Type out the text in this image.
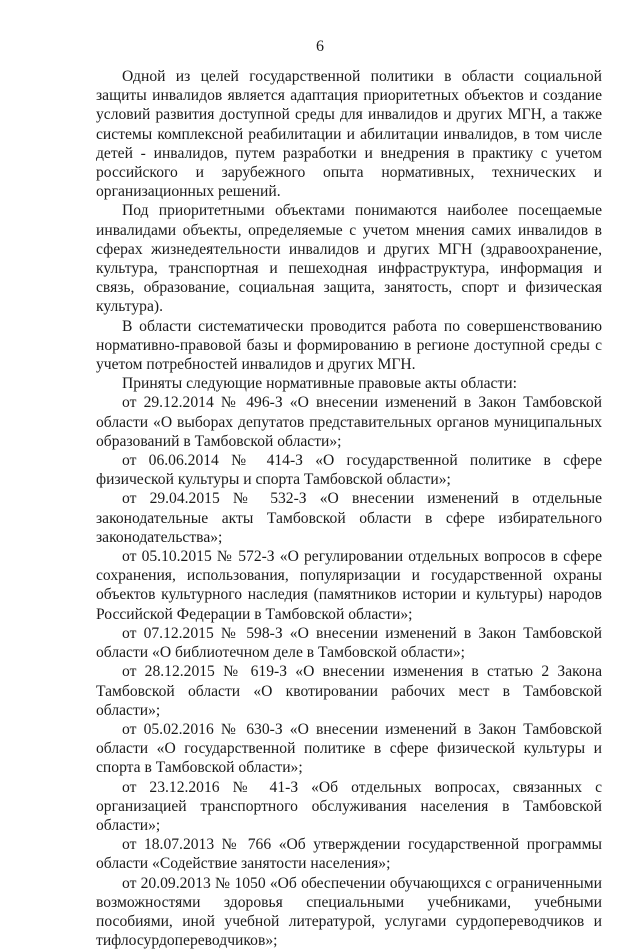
6

Одной из целей государственной политики в области социальной защиты инвалидов является адаптация приоритетных объектов и создание условий развития доступной среды для инвалидов и других МГН, а также системы комплексной реабилитации и абилитации инвалидов, в том числе детей - инвалидов, путем разработки и внедрения в практику с учетом российского и зарубежного опыта нормативных, технических и организационных решений.

Под приоритетными объектами понимаются наиболее посещаемые инвалидами объекты, определяемые с учетом мнения самих инвалидов в сферах жизнедеятельности инвалидов и других МГН (здравоохранение, культура, транспортная и пешеходная инфраструктура, информация и связь, образование, социальная защита, занятость, спорт и физическая культура).

В области систематически проводится работа по совершенствованию нормативно-правовой базы и формированию в регионе доступной среды с учетом потребностей инвалидов и других МГН.

Приняты следующие нормативные правовые акты области:

от 29.12.2014 № 496-З «О внесении изменений в Закон Тамбовской области «О выборах депутатов представительных органов муниципальных образований в Тамбовской области»;

от 06.06.2014 № 414-З «О государственной политике в сфере физической культуры и спорта Тамбовской области»;

от 29.04.2015 № 532-З «О внесении изменений в отдельные законодательные акты Тамбовской области в сфере избирательного законодательства»;

от 05.10.2015 № 572-З «О регулировании отдельных вопросов в сфере сохранения, использования, популяризации и государственной охраны объектов культурного наследия (памятников истории и культуры) народов Российской Федерации в Тамбовской области»;

от 07.12.2015 № 598-З «О внесении изменений в Закон Тамбовской области «О библиотечном деле в Тамбовской области»;

от 28.12.2015 № 619-З «О внесении изменения в статью 2 Закона Тамбовской области «О квотировании рабочих мест в Тамбовской области»;

от 05.02.2016 № 630-З «О внесении изменений в Закон Тамбовской области «О государственной политике в сфере физической культуры и спорта в Тамбовской области»;

от 23.12.2016 № 41-З «Об отдельных вопросах, связанных с организацией транспортного обслуживания населения в Тамбовской области»;

от 18.07.2013 № 766 «Об утверждении государственной программы области «Содействие занятости населения»;

от 20.09.2013 № 1050 «Об обеспечении обучающихся с ограниченными возможностями здоровья специальными учебниками, учебными пособиями, иной учебной литературой, услугами сурдопереводчиков и тифлосурдопереводчиков»;
